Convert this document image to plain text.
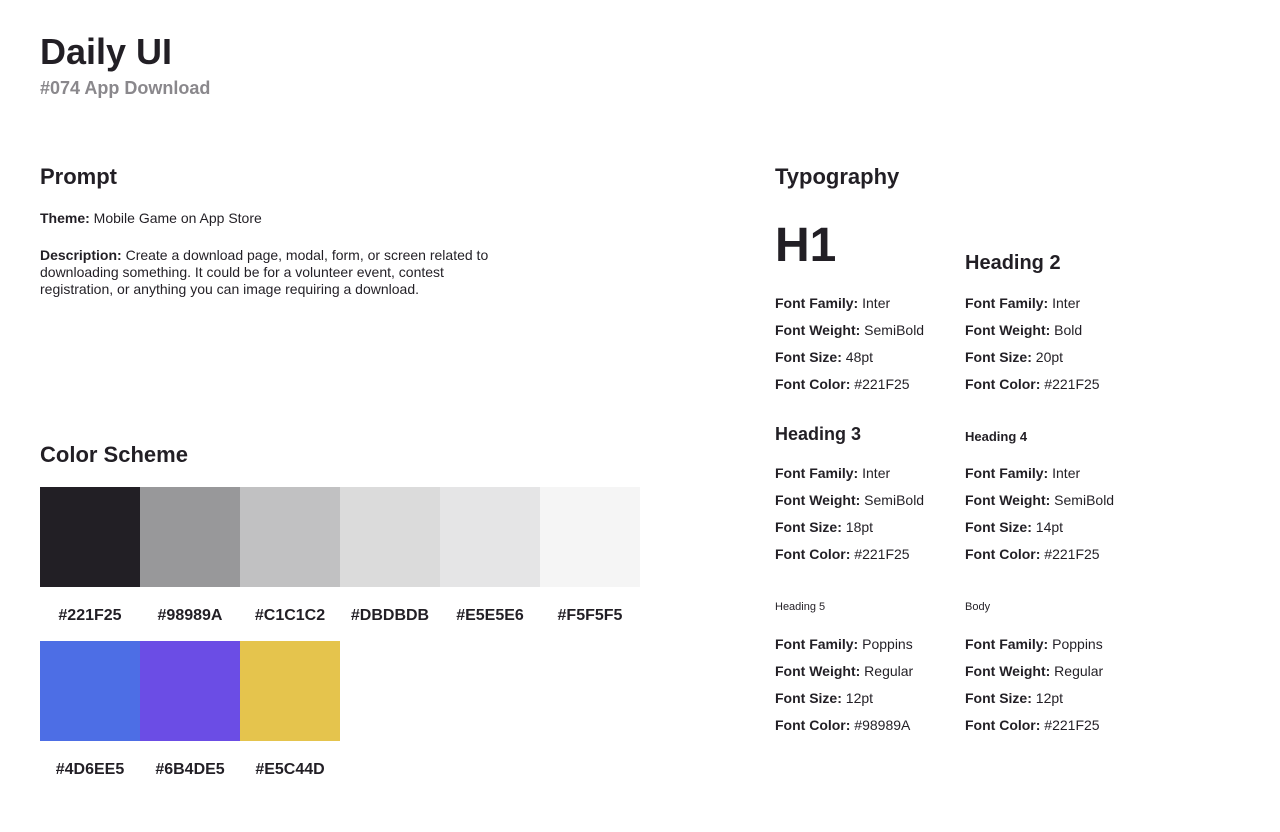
Daily UI

#074 App Download

Prompt

Theme: Mobile Game on App Store

Description: Create a download page, modal, form, or screen related to downloading something. It could be for a volunteer event, contest registration, or anything you can image requiring a download.

Color Scheme
#221F25	#98989A	#C1C1C2	#DBDBDB	#E5E5E6	#F5F5F5
#4D6EE5	#6B4DE5	#E5C44D
Typography
H1
Font Family: Inter
Font Weight: SemiBold
Font Size: 48pt
Font Color: #221F25
Heading 2
Font Family: Inter
Font Weight: Bold
Font Size: 20pt
Font Color: #221F25
Heading 3
Font Family: Inter
Font Weight: SemiBold
Font Size: 18pt
Font Color: #221F25
Heading 4
Font Family: Inter
Font Weight: SemiBold
Font Size: 14pt
Font Color: #221F25
Heading 5
Font Family: Poppins
Font Weight: Regular
Font Size: 12pt
Font Color: #98989A
Body
Font Family: Poppins
Font Weight: Regular
Font Size: 12pt
Font Color: #221F25
